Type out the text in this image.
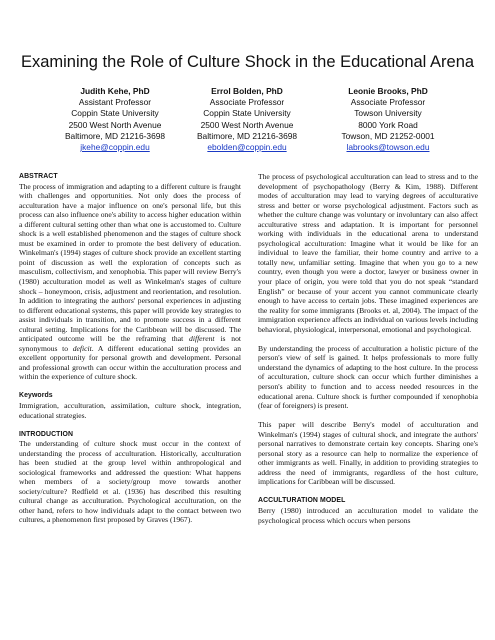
Examining the Role of Culture Shock in the Educational Arena
Judith Kehe, PhD
Assistant Professor
Coppin State University
2500 West North Avenue
Baltimore, MD 21216-3698
jkehe@coppin.edu
Errol Bolden, PhD
Associate Professor
Coppin State University
2500 West North Avenue
Baltimore, MD 21216-3698
ebolden@coppin.edu
Leonie Brooks, PhD
Associate Professor
Towson University
8000 York Road
Towson, MD 21252-0001
labrooks@towson.edu
ABSTRACT

The process of immigration and adapting to a different culture is fraught with challenges and opportunities. Not only does the process of acculturation have a major influence on one's personal life, but this process can also influence one's ability to access higher education within a different cultural setting other than what one is accustomed to. Culture shock is a well established phenomenon and the stages of culture shock must be examined in order to promote the best delivery of education. Winkelman's (1994) stages of culture shock provide an excellent starting point of discussion as well the exploration of concepts such as masculism, collectivism, and xenophobia. This paper will review Berry's (1980) acculturation model as well as Winkelman's stages of culture shock – honeymoon, crisis, adjustment and reorientation, and resolution. In addition to integrating the authors' personal experiences in adjusting to different educational systems, this paper will provide key strategies to assist individuals in transition, and to promote success in a different cultural setting. Implications for the Caribbean will be discussed. The anticipated outcome will be the reframing that different is not synonymous to deficit. A different educational setting provides an excellent opportunity for personal growth and development. Personal and professional growth can occur within the acculturation process and within the experience of culture shock.

Keywords

Immigration, acculturation, assimilation, culture shock, integration, educational strategies.

INTRODUCTION

The understanding of culture shock must occur in the context of understanding the process of acculturation. Historically, acculturation has been studied at the group level within anthropological and sociological frameworks and addressed the question: What happens when members of a society/group move towards another society/culture? Redfield et al. (1936) has described this resulting cultural change as acculturation. Psychological acculturation, on the other hand, refers to how individuals adapt to the contact between two cultures, a phenomenon first proposed by Graves (1967).

The process of psychological acculturation can lead to stress and to the development of psychopathology (Berry & Kim, 1988). Different modes of acculturation may lead to varying degrees of acculturative stress and better or worse psychological adjustment. Factors such as whether the culture change was voluntary or involuntary can also affect acculturative stress and adaptation. It is important for personnel working with individuals in the educational arena to understand psychological acculturation: Imagine what it would be like for an individual to leave the familiar, their home country and arrive to a totally new, unfamiliar setting. Imagine that when you go to a new country, even though you were a doctor, lawyer or business owner in your place of origin, you were told that you do not speak “standard English” or because of your accent you cannot communicate clearly enough to have access to certain jobs. These imagined experiences are the reality for some immigrants (Brooks et. al, 2004). The impact of the immigration experience affects an individual on various levels including behavioral, physiological, interpersonal, emotional and psychological.

By understanding the process of acculturation a holistic picture of the person's view of self is gained. It helps professionals to more fully understand the dynamics of adapting to the host culture. In the process of acculturation, culture shock can occur which further diminishes a person's ability to function and to access needed resources in the educational arena. Culture shock is further compounded if xenophobia (fear of foreigners) is present.

This paper will describe Berry's model of acculturation and Winkelman's (1994) stages of cultural shock, and integrate the authors' personal narratives to demonstrate certain key concepts. Sharing one's personal story as a resource can help to normalize the experience of other immigrants as well. Finally, in addition to providing strategies to address the need of immigrants, regardless of the host culture, implications for Caribbean will be discussed.

ACCULTURATION MODEL

Berry (1980) introduced an acculturation model to validate the psychological process which occurs when persons
